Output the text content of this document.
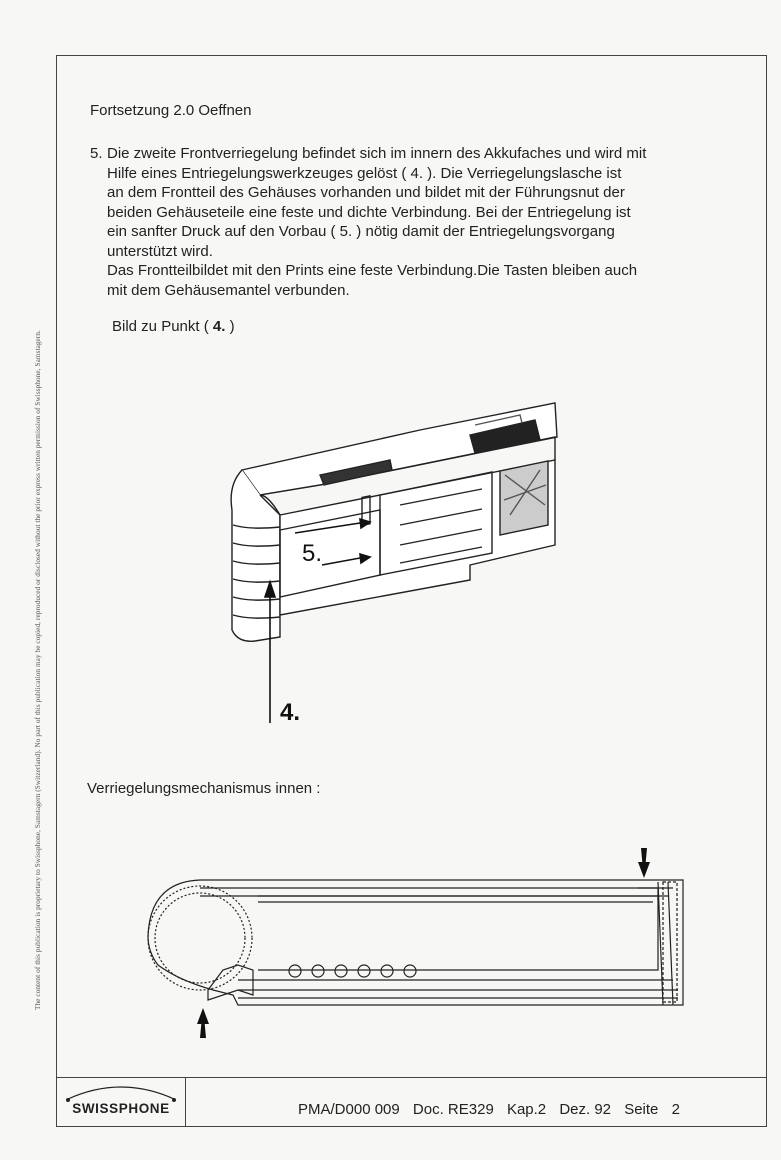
The content of this publication is proprietary to Swissphone, Samstagern (Switzerland). No part of this publication may be copied, reproduced or disclosed without the prior express written permission of Swissphone, Samstagern.
Fortsetzung 2.0 Oeffnen
5. Die zweite Frontverriegelung befindet sich im innern des Akkufaches und wird mit
Hilfe eines Entriegelungswerkzeuges gelöst ( 4. ). Die Verriegelungslasche ist
an dem Frontteil des Gehäuses vorhanden und bildet mit der Führungsnut der
beiden Gehäuseteile eine feste und dichte Verbindung. Bei der Entriegelung ist
ein sanfter Druck auf den Vorbau ( 5. ) nötig damit der Entriegelungsvorgang
unterstützt wird.
Das Frontteilbildet mit den Prints eine feste Verbindung.Die Tasten bleiben auch
mit dem Gehäusemantel verbunden.
Bild zu Punkt ( 4. )
5.
4.
Verriegelungsmechanismus innen :
SWISSPHONE	PMA/D000 009 Doc. RE329 Kap.2 Dez. 92 Seite 2
